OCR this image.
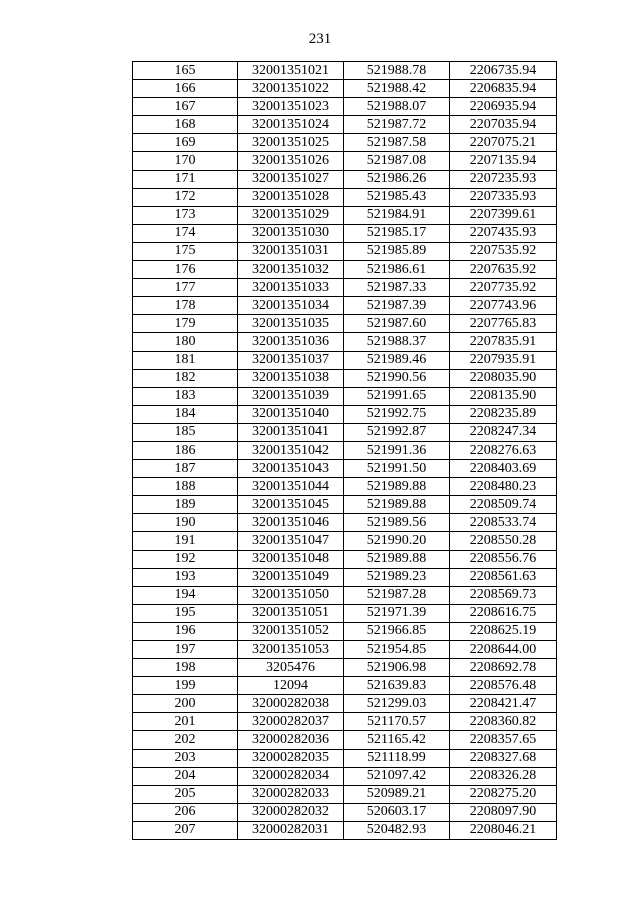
231
165	32001351021	521988.78	2206735.94
166	32001351022	521988.42	2206835.94
167	32001351023	521988.07	2206935.94
168	32001351024	521987.72	2207035.94
169	32001351025	521987.58	2207075.21
170	32001351026	521987.08	2207135.94
171	32001351027	521986.26	2207235.93
172	32001351028	521985.43	2207335.93
173	32001351029	521984.91	2207399.61
174	32001351030	521985.17	2207435.93
175	32001351031	521985.89	2207535.92
176	32001351032	521986.61	2207635.92
177	32001351033	521987.33	2207735.92
178	32001351034	521987.39	2207743.96
179	32001351035	521987.60	2207765.83
180	32001351036	521988.37	2207835.91
181	32001351037	521989.46	2207935.91
182	32001351038	521990.56	2208035.90
183	32001351039	521991.65	2208135.90
184	32001351040	521992.75	2208235.89
185	32001351041	521992.87	2208247.34
186	32001351042	521991.36	2208276.63
187	32001351043	521991.50	2208403.69
188	32001351044	521989.88	2208480.23
189	32001351045	521989.88	2208509.74
190	32001351046	521989.56	2208533.74
191	32001351047	521990.20	2208550.28
192	32001351048	521989.88	2208556.76
193	32001351049	521989.23	2208561.63
194	32001351050	521987.28	2208569.73
195	32001351051	521971.39	2208616.75
196	32001351052	521966.85	2208625.19
197	32001351053	521954.85	2208644.00
198	3205476	521906.98	2208692.78
199	12094	521639.83	2208576.48
200	32000282038	521299.03	2208421.47
201	32000282037	521170.57	2208360.82
202	32000282036	521165.42	2208357.65
203	32000282035	521118.99	2208327.68
204	32000282034	521097.42	2208326.28
205	32000282033	520989.21	2208275.20
206	32000282032	520603.17	2208097.90
207	32000282031	520482.93	2208046.21
